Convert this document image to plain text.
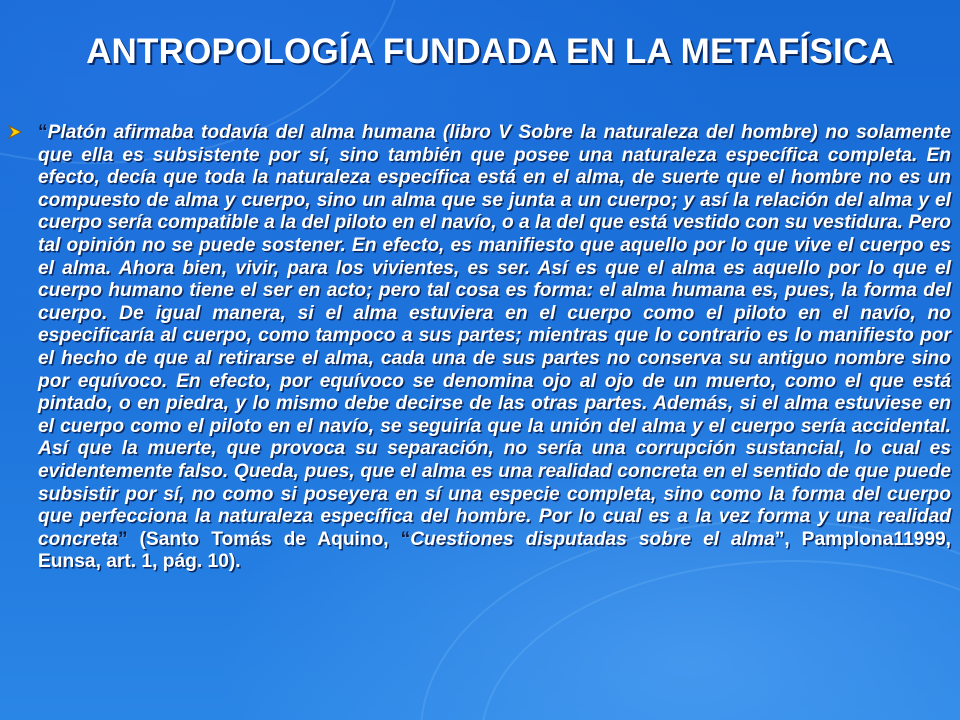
ANTROPOLOGÍA FUNDADA EN LA METAFÍSICA
“Platón afirmaba todavía del alma humana (libro V Sobre la naturaleza del hombre) no solamente que ella es subsistente por sí, sino también que posee una naturaleza específica completa. En efecto, decía que toda la naturaleza específica está en el alma, de suerte que el hombre no es un compuesto de alma y cuerpo, sino un alma que se junta a un cuerpo; y así la relación del alma y el cuerpo sería compatible a la del piloto en el navío, o a la del que está vestido con su vestidura. Pero tal opinión no se puede sostener. En efecto, es manifiesto que aquello por lo que vive el cuerpo es el alma. Ahora bien, vivir, para los vivientes, es ser. Así es que el alma es aquello por lo que el cuerpo humano tiene el ser en acto; pero tal cosa es forma: el alma humana es, pues, la forma del cuerpo. De igual manera, si el alma estuviera en el cuerpo como el piloto en el navío, no especificaría al cuerpo, como tampoco a sus partes; mientras que lo contrario es lo manifiesto por el hecho de que al retirarse el alma, cada una de sus partes no conserva su antiguo nombre sino por equívoco. En efecto, por equívoco se denomina ojo al ojo de un muerto, como el que está pintado, o en piedra, y lo mismo debe decirse de las otras partes. Además, si el alma estuviese en el cuerpo como el piloto en el navío, se seguiría que la unión del alma y el cuerpo sería accidental. Así que la muerte, que provoca su separación, no sería una corrupción sustancial, lo cual es evidentemente falso. Queda, pues, que el alma es una realidad concreta en el sentido de que puede subsistir por sí, no como si poseyera en sí una especie completa, sino como la forma del cuerpo que perfecciona la naturaleza específica del hombre. Por lo cual es a la vez forma y una realidad concreta” (Santo Tomás de Aquino, “Cuestiones disputadas sobre el alma”, Pamplona11999, Eunsa, art. 1, pág. 10).
